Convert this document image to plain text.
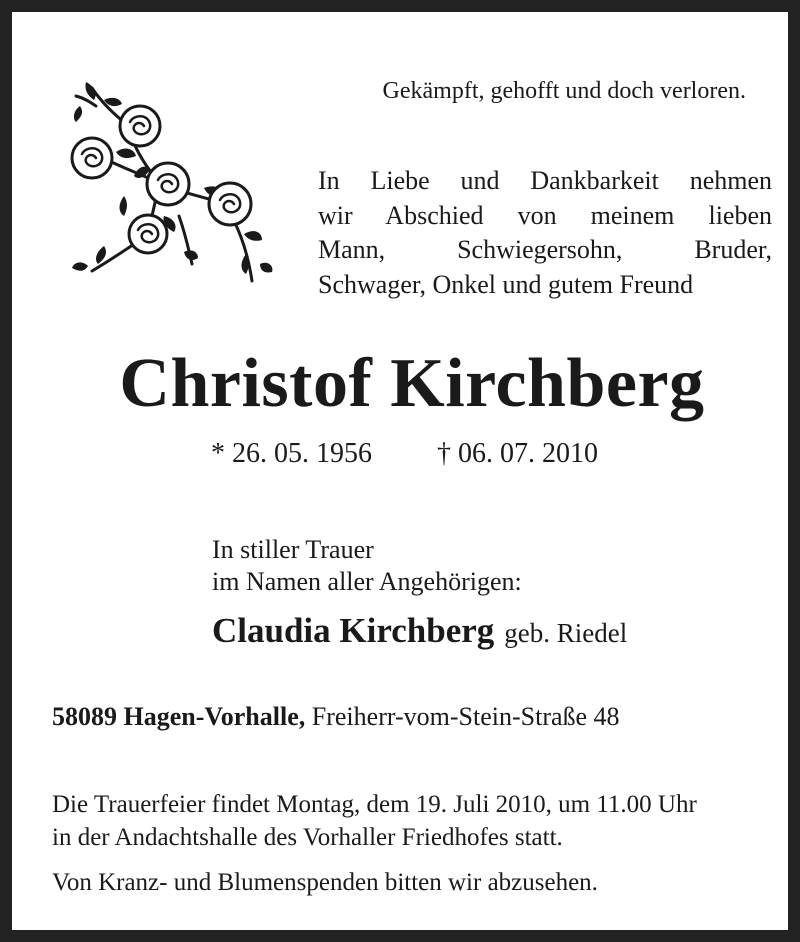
Gekämpft, gehofft und doch verloren.
In Liebe und Dankbarkeit nehmen
wir Abschied von meinem lieben
Mann, Schwiegersohn, Bruder,
Schwager, Onkel und gutem Freund
Christof Kirchberg
* 26. 05. 1956 † 06. 07. 2010
In stiller Trauer
im Namen aller Angehörigen:
Claudia Kirchberg geb. Riedel
58089 Hagen-Vorhalle, Freiherr-vom-Stein-Straße 48
Die Trauerfeier findet Montag, dem 19. Juli 2010, um 11.00 Uhr
in der Andachtshalle des Vorhaller Friedhofes statt.
Von Kranz- und Blumenspenden bitten wir abzusehen.
